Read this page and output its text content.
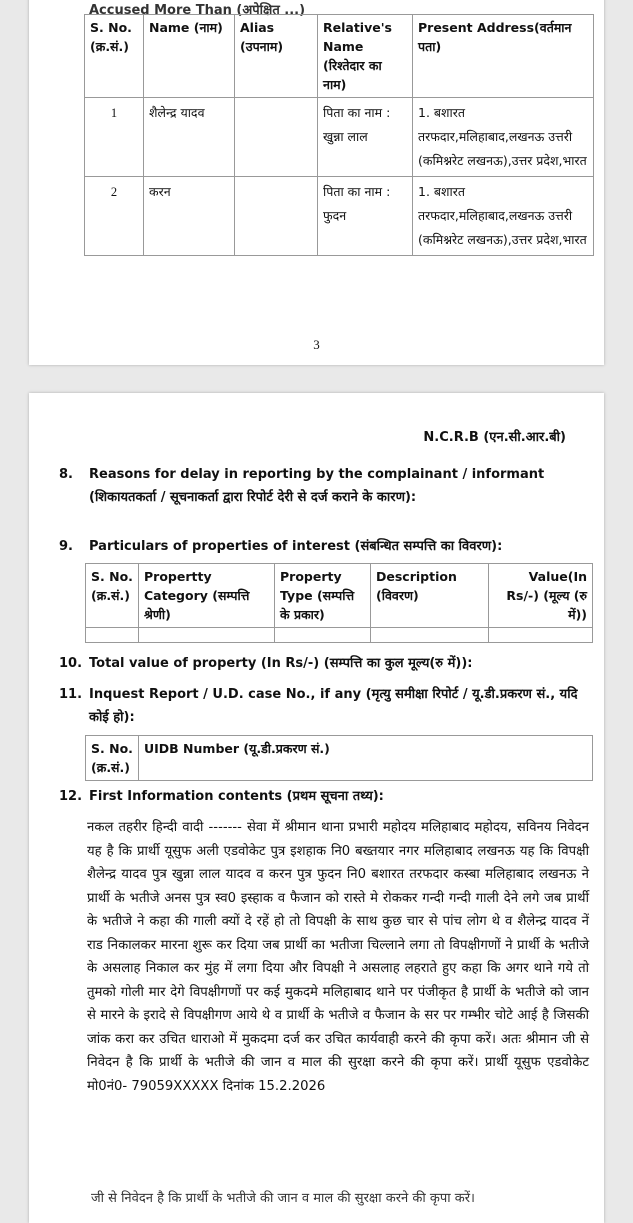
Accused More Than (अपेक्षित ...)
S. No. (क्र.सं.)	Name (नाम)	Alias (उपनाम)	Relative's Name (रिश्तेदार का नाम)	Present Address(वर्तमान पता)
1	शैलेन्द्र यादव		पिता का नाम : खुन्ना लाल	1. बशारत तरफदार,मलिहाबाद,लखनऊ उत्तरी (कमिश्नरेट लखनऊ),उत्तर प्रदेश,भारत
2	करन		पिता का नाम : फुदन	1. बशारत तरफदार,मलिहाबाद,लखनऊ उत्तरी (कमिश्नरेट लखनऊ),उत्तर प्रदेश,भारत
3
N.C.R.B (एन.सी.आर.बी)
8. Reasons for delay in reporting by the complainant / informant (शिकायतकर्ता / सूचनाकर्ता द्वारा रिपोर्ट देरी से दर्ज कराने के कारण):
9. Particulars of properties of interest (संबन्धित सम्पत्ति का विवरण):
S. No. (क्र.सं.)	Propertty Category (सम्पत्ति श्रेणी)	Property Type (सम्पत्ति के प्रकार)	Description (विवरण)	Value(In Rs/-) (मूल्य (रु में))

10. Total value of property (In Rs/-) (सम्पत्ति का कुल मूल्य(रु में)):
11. Inquest Report / U.D. case No., if any (मृत्यु समीक्षा रिपोर्ट / यू.डी.प्रकरण सं., यदि कोई हो):
S. No. (क्र.सं.)	UIDB Number (यू.डी.प्रकरण सं.)
12. First Information contents (प्रथम सूचना तथ्य):
नकल तहरीर हिन्दी वादी ------- सेवा में श्रीमान थाना प्रभारी महोदय मलिहाबाद महोदय, सविनय निवेदन यह है कि प्रार्थी यूसुफ अली एडवोकेट पुत्र इशहाक नि0 बख्तयार नगर मलिहाबाद लखनऊ यह कि विपक्षी शैलेन्द्र यादव पुत्र खुन्ना लाल यादव व करन पुत्र फुदन नि0 बशारत तरफदार कस्बा मलिहाबाद लखनऊ ने प्रार्थी के भतीजे अनस पुत्र स्व0 इस्हाक व फैजान को रास्ते मे रोककर गन्दी गन्दी गाली देने लगे जब प्रार्थी के भतीजे ने कहा की गाली क्यों दे रहें हो तो विपक्षी के साथ कुछ चार से पांच लोग थे व शैलेन्द्र यादव नें राड निकालकर मारना शुरू कर दिया जब प्रार्थी का भतीजा चिल्लाने लगा तो विपक्षीगणों ने प्रार्थी के भतीजे के असलाह निकाल कर मुंह में लगा दिया और विपक्षी ने असलाह लहराते हुए कहा कि अगर थाने गये तो तुमको गोली मार देगे विपक्षीगणों पर कई मुकदमे मलिहाबाद थाने पर पंजीकृत है प्रार्थी के भतीजे को जान से मारने के इरादे से विपक्षीगण आये थे व प्रार्थी के भतीजे व फैजान के सर पर गम्भीर चोटे आई है जिसकी जांक करा कर उचित धाराओ में मुकदमा दर्ज कर उचित कार्यवाही करने की कृपा करें। अतः श्रीमान जी से निवेदन है कि प्रार्थी के भतीजे की जान व माल की सुरक्षा करने की कृपा करें। प्रार्थी यूसुफ एडवोकेट मो0नं0- 79059XXXXX दिनांक 15.2.2026
जी से निवेदन है कि प्रार्थी के भतीजे की जान व माल की सुरक्षा करने की कृपा करें।
